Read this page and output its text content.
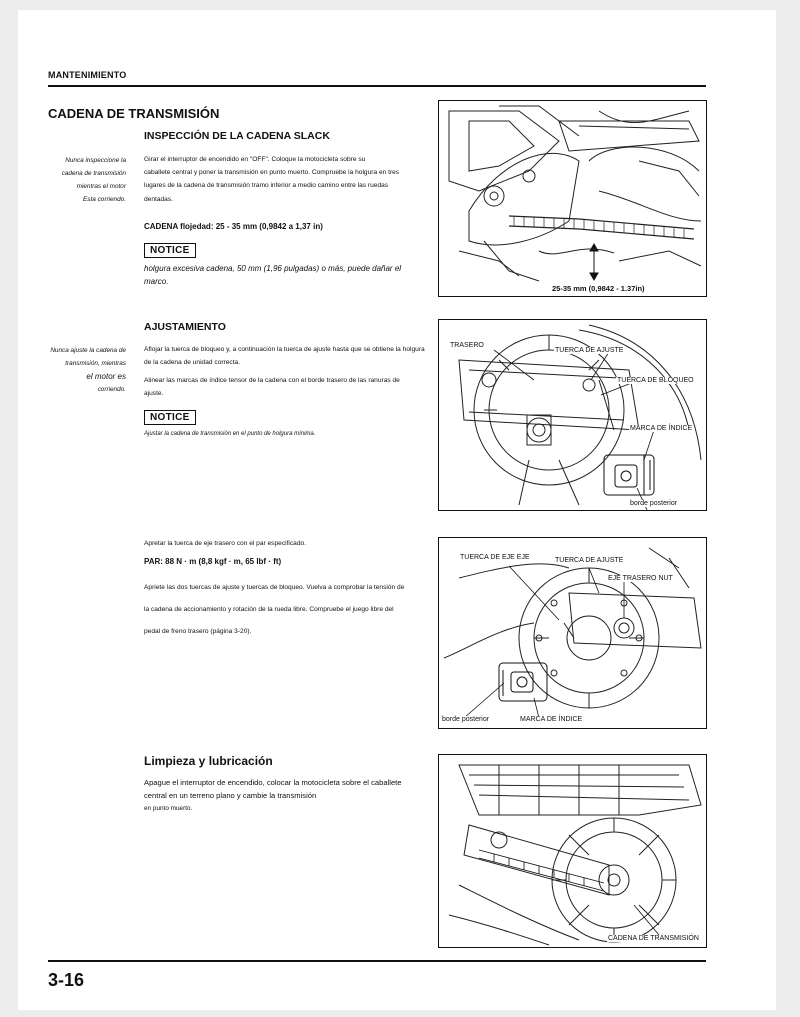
MANTENIMIENTO
CADENA DE TRANSMISIÓN
INSPECCIÓN DE LA CADENA SLACK
Nunca inspeccione la
cadena de transmisión
mientras el motor
Esta corriendo.
Girar el interruptor de encendido en "OFF". Coloque la motocicleta sobre su
caballete central y poner la transmisión en punto muerto. Compruebe la holgura en tres
lugares de la cadena de transmisión tramo inferior a medio camino entre las ruedas
dentadas.
CADENA flojedad: 25 - 35 mm (0,9842 a 1,37 in)
NOTICE
holgura excesiva cadena, 50 mm (1,96 pulgadas) o más, puede dañar el
marco.
25-35 mm (0,9842 - 1.37in)
AJUSTAMIENTO
Nunca ajuste la cadena de
transmisión, mientras
el motor es
corriendo.
Aflojar la tuerca de bloqueo y, a continuación la tuerca de ajuste hasta que se obtiene la holgura
de la cadena de unidad correcta.
Alinear las marcas de índice tensor de la cadena con el borde trasero de las ranuras de
ajuste.
NOTICE
Ajustar la cadena de transmisión en el punto de holgura mínima.
TRASERO
TUERCA DE AJUSTE
TUERCA DE BLOQUEO
MARCA DE ÍNDICE
borde posterior
Apretar la tuerca de eje trasero con el par especificado.
PAR: 88 N · m (8,8 kgf · m, 65 lbf · ft)
Apriete las dos tuercas de ajuste y tuercas de bloqueo. Vuelva a comprobar la tensión de
la cadena de accionamiento y rotación de la rueda libre. Compruebe el juego libre del
pedal de freno trasero (página 3-20).
TUERCA DE EJE EJE	TUERCA DE AJUSTE
EJE TRASERO NUT
borde posterior	MARCA DE ÍNDICE
Limpieza y lubricación
Apague el interruptor de encendido, colocar la motocicleta sobre el caballete
central en un terreno plano y cambie la transmisión
en punto muerto.
CADENA DE TRANSMISIÓN
3-16
